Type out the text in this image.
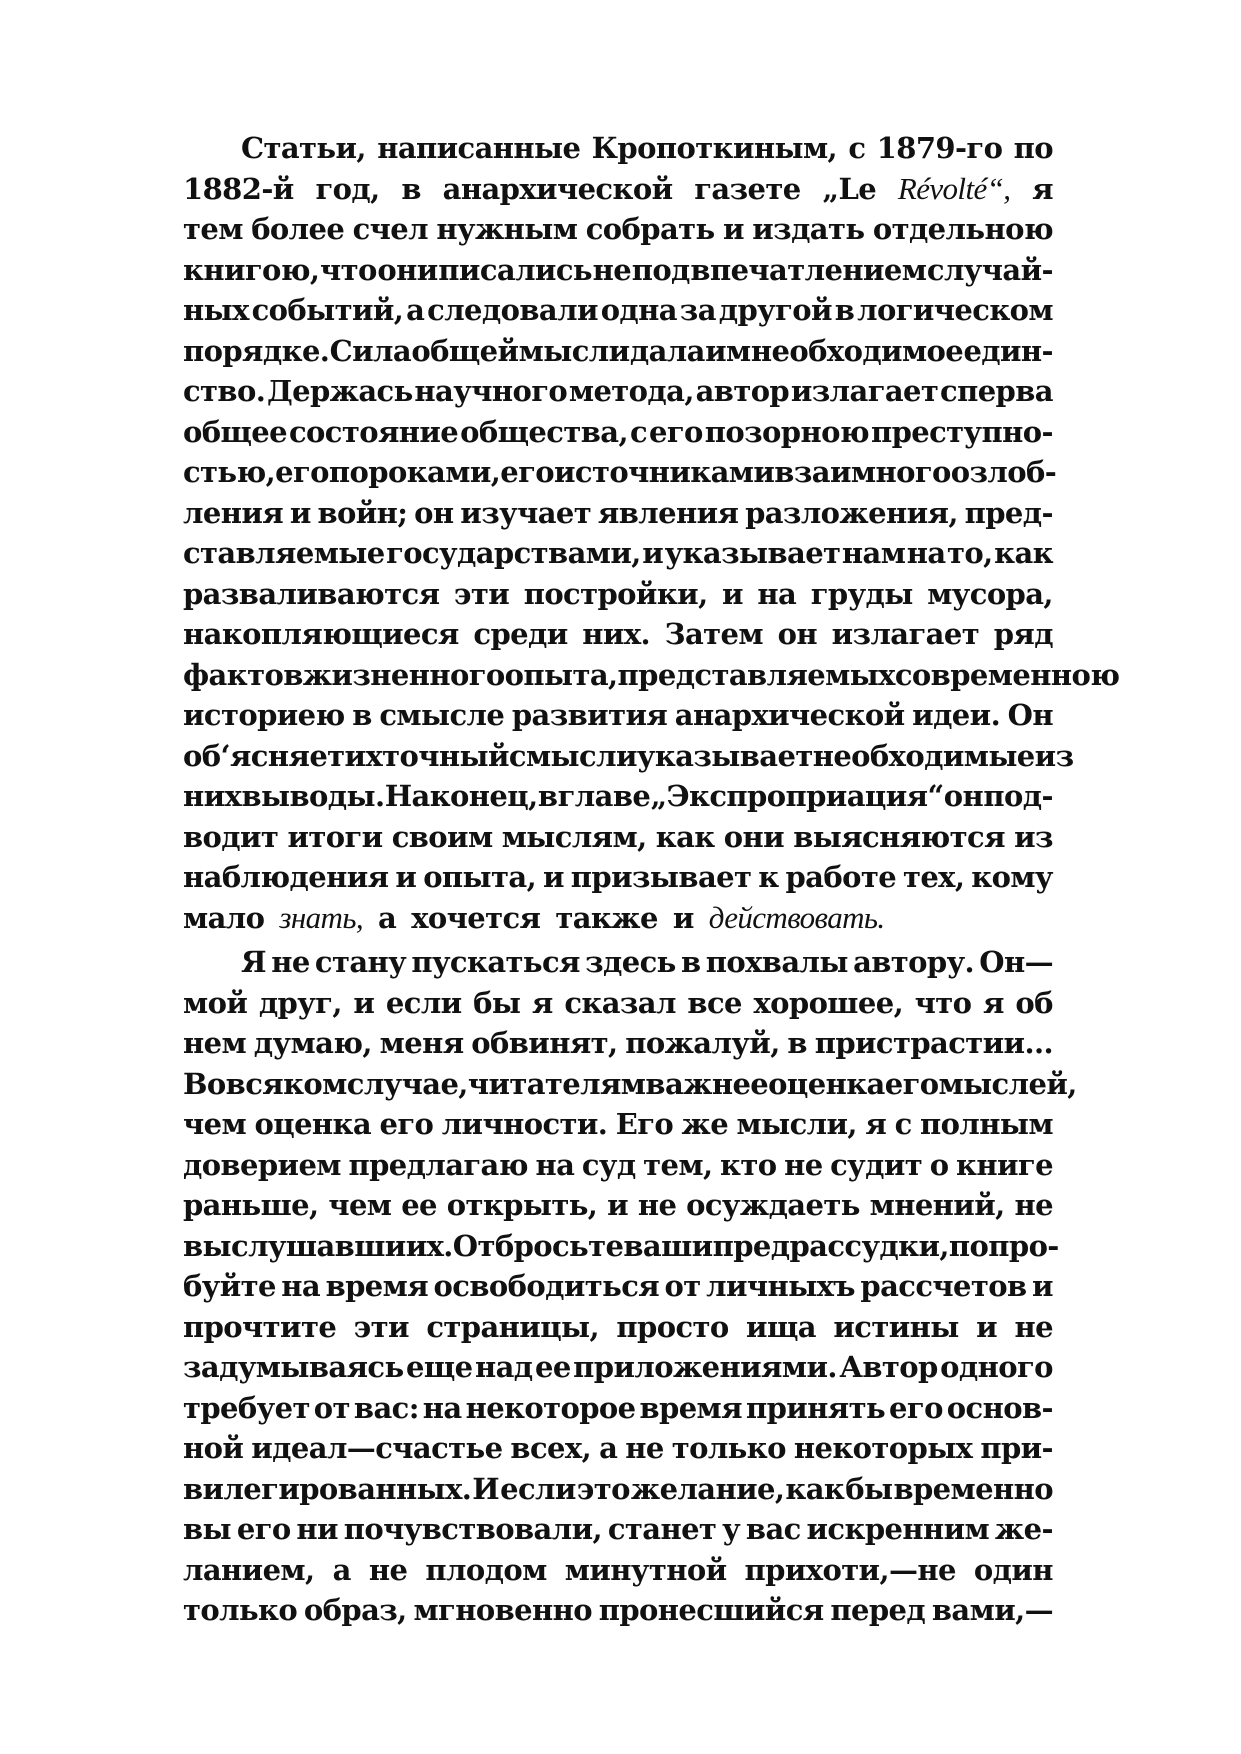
Статьи, написанные Кропоткиным, с 1879-го по
1882-й год, в анархической газете „Le Révolté“, я
тем более счел нужным собрать и издать отдельною
книгою, что они писались не под впечатлением случай-
ных событий, а следовали одна за другой в логическом
порядке. Сила общей мысли дала им необходимое един-
ство. Держась научного метода, автор излагает сперва
общее состояние общества, с его позорною преступно-
стью, его пороками, его источниками взаимного озлоб-
ления и войн; он изучает явления разложения, пред-
ставляемые государствами, и указывает нам на то, как
разваливаются эти постройки, и на груды мусора,
накопляющиеся среди них. Затем он излагает ряд
фактов жизненного опыта, представляемых современною
историею в смысле развития анархической идеи. Он
об‘ясняет их точный смысл и указывает необходимые из
них выводы. Наконец, в главе „Экспроприация“ он под-
водит итоги своим мыслям, как они выясняются из
наблюдения и опыта, и призывает к работе тех, кому
мало знать, а хочется также и действовать.
Я не стану пускаться здесь в похвалы автору. Он—
мой друг, и если бы я сказал все хорошее, что я об
нем думаю, меня обвинят, пожалуй, в пристрастии...
Во всяком случае, читателям важнее оценка его мыслей,
чем оценка его личности. Его же мысли, я с полным
доверием предлагаю на суд тем, кто не судит о книге
раньше, чем ее открыть, и не осуждаеть мнений, не
выслушавши их. Отбросьте ваши предрассудки, попро-
буйте на время освободиться от личныхъ рассчетов и
прочтите эти страницы, просто ища истины и не
задумываясь еще над ее приложениями. Автор одного
требует от вас: на некоторое время принять его основ-
ной идеал—счастье всех, а не только некоторых при-
вилегированных. И если это желание, как бы временно
вы его ни почувствовали, станет у вас искренним же-
ланием, а не плодом минутной прихоти,—не один
только образ, мгновенно пронесшийся перед вами,—
